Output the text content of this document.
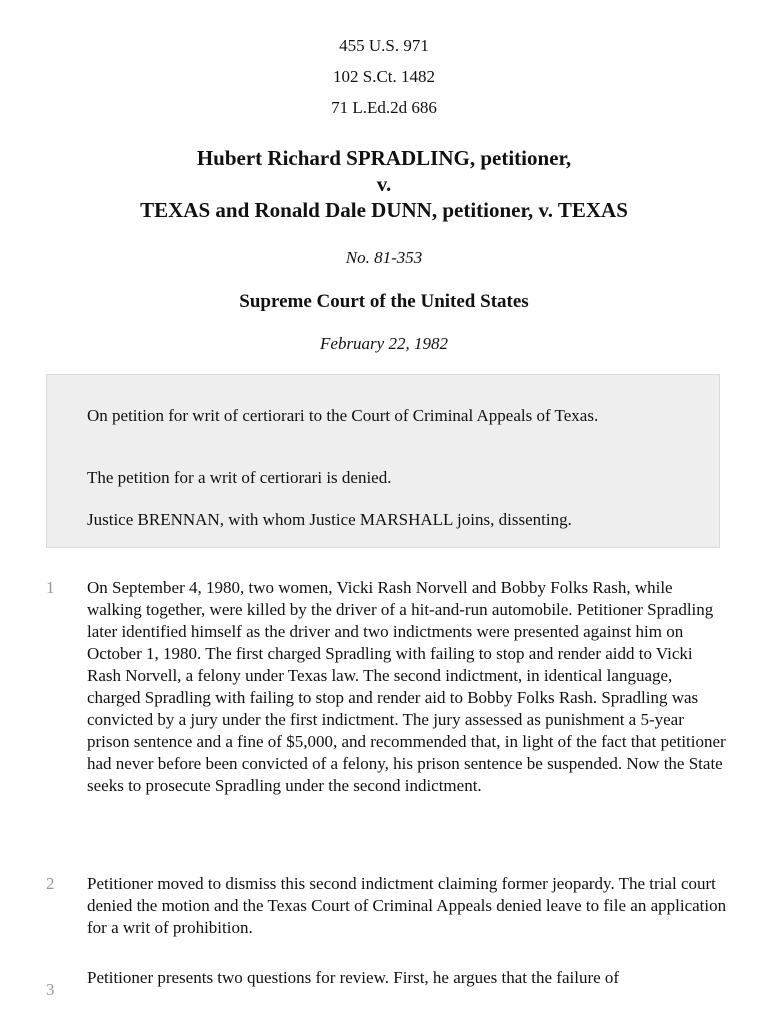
455 U.S. 971
102 S.Ct. 1482
71 L.Ed.2d 686
Hubert Richard SPRADLING, petitioner,
v.
TEXAS and Ronald Dale DUNN, petitioner, v. TEXAS
No. 81-353
Supreme Court of the United States
February 22, 1982

On petition for writ of certiorari to the Court of Criminal Appeals of Texas.

The petition for a writ of certiorari is denied.

Justice BRENNAN, with whom Justice MARSHALL joins, dissenting.

1 On September 4, 1980, two women, Vicki Rash Norvell and Bobby Folks Rash, while walking together, were killed by the driver of a hit-and-run automobile. Petitioner Spradling later identified himself as the driver and two indictments were presented against him on October 1, 1980. The first charged Spradling with failing to stop and render aidd to Vicki Rash Norvell, a felony under Texas law. The second indictment, in identical language, charged Spradling with failing to stop and render aid to Bobby Folks Rash. Spradling was convicted by a jury under the first indictment. The jury assessed as punishment a 5-year prison sentence and a fine of $5,000, and recommended that, in light of the fact that petitioner had never before been convicted of a felony, his prison sentence be suspended. Now the State seeks to prosecute Spradling under the second indictment.

2 Petitioner moved to dismiss this second indictment claiming former jeopardy. The trial court denied the motion and the Texas Court of Criminal Appeals denied leave to file an application for a writ of prohibition.

3

Petitioner presents two questions for review. First, he argues that the failure of
